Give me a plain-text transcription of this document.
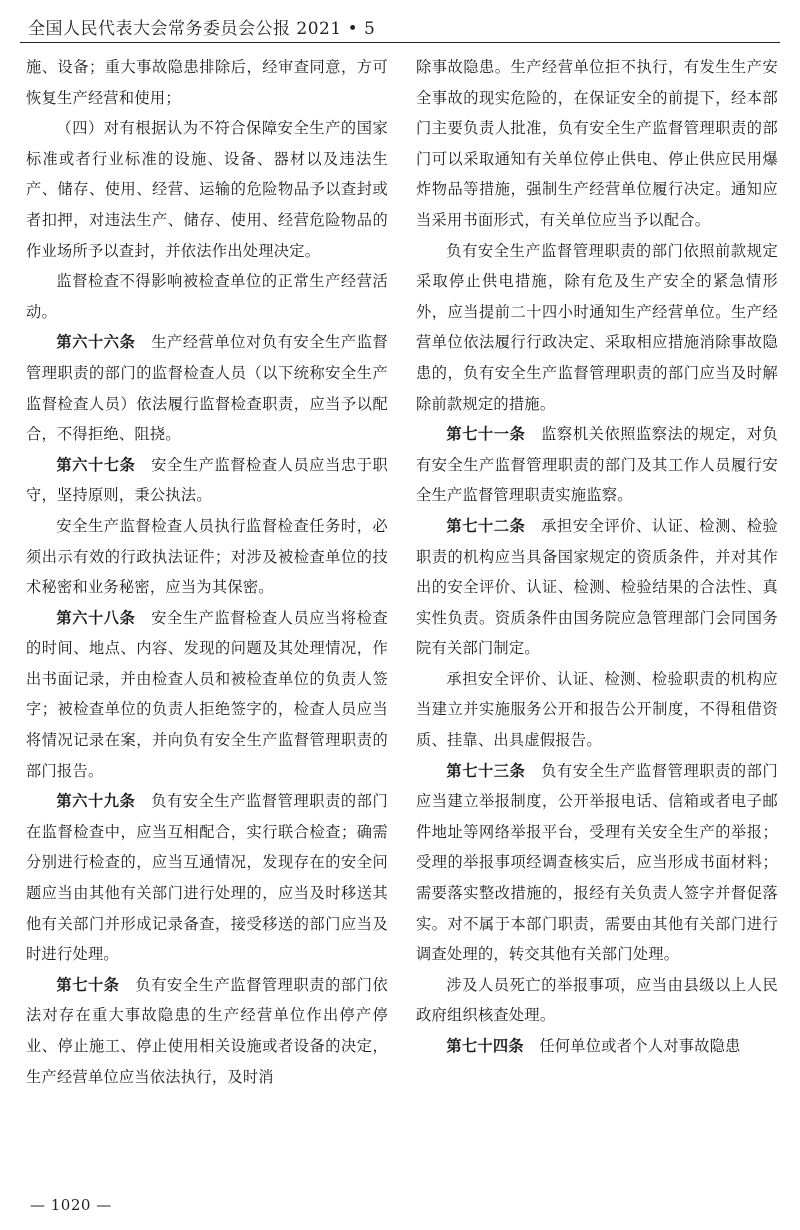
全国人民代表大会常务委员会公报 2021 • 5

施、设备；重大事故隐患排除后，经审查同意，方可恢复生产经营和使用；

（四）对有根据认为不符合保障安全生产的国家标准或者行业标准的设施、设备、器材以及违法生产、储存、使用、经营、运输的危险物品予以查封或者扣押，对违法生产、储存、使用、经营危险物品的作业场所予以查封，并依法作出处理决定。

监督检查不得影响被检查单位的正常生产经营活动。

第六十六条　生产经营单位对负有安全生产监督管理职责的部门的监督检查人员（以下统称安全生产监督检查人员）依法履行监督检查职责，应当予以配合，不得拒绝、阻挠。

第六十七条　安全生产监督检查人员应当忠于职守，坚持原则，秉公执法。

安全生产监督检查人员执行监督检查任务时，必须出示有效的行政执法证件；对涉及被检查单位的技术秘密和业务秘密，应当为其保密。

第六十八条　安全生产监督检查人员应当将检查的时间、地点、内容、发现的问题及其处理情况，作出书面记录，并由检查人员和被检查单位的负责人签字；被检查单位的负责人拒绝签字的，检查人员应当将情况记录在案，并向负有安全生产监督管理职责的部门报告。

第六十九条　负有安全生产监督管理职责的部门在监督检查中，应当互相配合，实行联合检查；确需分别进行检查的，应当互通情况，发现存在的安全问题应当由其他有关部门进行处理的，应当及时移送其他有关部门并形成记录备查，接受移送的部门应当及时进行处理。

第七十条　负有安全生产监督管理职责的部门依法对存在重大事故隐患的生产经营单位作出停产停业、停止施工、停止使用相关设施或者设备的决定，生产经营单位应当依法执行，及时消

除事故隐患。生产经营单位拒不执行，有发生生产安全事故的现实危险的，在保证安全的前提下，经本部门主要负责人批准，负有安全生产监督管理职责的部门可以采取通知有关单位停止供电、停止供应民用爆炸物品等措施，强制生产经营单位履行决定。通知应当采用书面形式，有关单位应当予以配合。

负有安全生产监督管理职责的部门依照前款规定采取停止供电措施，除有危及生产安全的紧急情形外，应当提前二十四小时通知生产经营单位。生产经营单位依法履行行政决定、采取相应措施消除事故隐患的，负有安全生产监督管理职责的部门应当及时解除前款规定的措施。

第七十一条　监察机关依照监察法的规定，对负有安全生产监督管理职责的部门及其工作人员履行安全生产监督管理职责实施监察。

第七十二条　承担安全评价、认证、检测、检验职责的机构应当具备国家规定的资质条件，并对其作出的安全评价、认证、检测、检验结果的合法性、真实性负责。资质条件由国务院应急管理部门会同国务院有关部门制定。

承担安全评价、认证、检测、检验职责的机构应当建立并实施服务公开和报告公开制度，不得租借资质、挂靠、出具虚假报告。

第七十三条　负有安全生产监督管理职责的部门应当建立举报制度，公开举报电话、信箱或者电子邮件地址等网络举报平台，受理有关安全生产的举报；受理的举报事项经调查核实后，应当形成书面材料；需要落实整改措施的，报经有关负责人签字并督促落实。对不属于本部门职责，需要由其他有关部门进行调查处理的，转交其他有关部门处理。

涉及人员死亡的举报事项，应当由县级以上人民政府组织核查处理。

第七十四条　任何单位或者个人对事故隐患

— 1020 —
